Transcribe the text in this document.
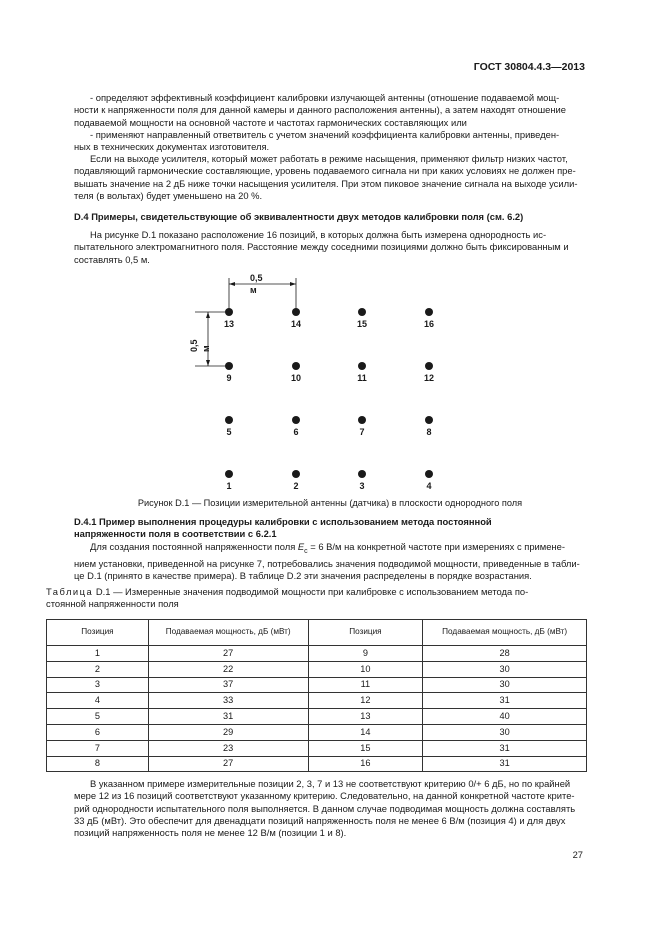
ГОСТ 30804.4.3—2013

- определяют эффективный коэффициент калибровки излучающей антенны (отношение подаваемой мощ-
ности к напряженности поля для данной камеры и данного расположения антенны), а затем находят отношение
подаваемой мощности на основной частоте и частотах гармонических составляющих или
- применяют направленный ответвитель с учетом значений коэффициента калибровки антенны, приведен-
ных в технических документах изготовителя.

Если на выходе усилителя, который может работать в режиме насыщения, применяют фильтр низких частот,
подавляющий гармонические составляющие, уровень подаваемого сигнала ни при каких условиях не должен пре-
вышать значение на 2 дБ ниже точки насыщения усилителя. При этом пиковое значение сигнала на выходе усили-
теля (в вольтах) будет уменьшено на 20 %.

D.4 Примеры, свидетельствующие об эквивалентности двух методов калибровки поля (см. 6.2)

На рисунке D.1 показано расположение 16 позиций, в которых должна быть измерена однородность ис-
пытательного электромагнитного поля. Расстояние между соседними позициями должно быть фиксированным и
составлять 0,5 м.

0,5 м
0,5 м
13	14	15	16
9	10	11	12
5	6	7	8
1	2	3	4
Рисунок D.1 — Позиции измерительной антенны (датчика) в плоскости однородного поля
D.4.1 Пример выполнения процедуры калибровки с использованием метода постоянной
напряженности поля в соответствии с 6.2.1

Для создания постоянной напряженности поля $E_c = 6$ В/м на конкретной частоте при измерениях с примене-
нием установки, приведенной на рисунке 7, потребовались значения подводимой мощности, приведенные в табли-
це D.1 (принято в качестве примера). В таблице D.2 эти значения распределены в порядке возрастания.

Таблица D.1 — Измеренные значения подводимой мощности при калибровке с использованием метода по-
стоянной напряженности поля
Позиция	Подаваемая мощность, дБ (мВт)	Позиция	Подаваемая мощность, дБ (мВт)
1	27	9	28
2	22	10	30
3	37	11	30
4	33	12	31
5	31	13	40
6	29	14	30
7	23	15	31
8	27	16	31

В указанном примере измерительные позиции 2, 3, 7 и 13 не соответствуют критерию 0/+ 6 дБ, но по крайней
мере 12 из 16 позиций соответствуют указанному критерию. Следовательно, на данной конкретной частоте крите-
рий однородности испытательного поля выполняется. В данном случае подводимая мощность должна составлять
33 дБ (мВт). Это обеспечит для двенадцати позиций напряженность поля не менее 6 В/м (позиция 4) и для двух
позиций напряженность поля не менее 12 В/м (позиции 1 и 8).

27
